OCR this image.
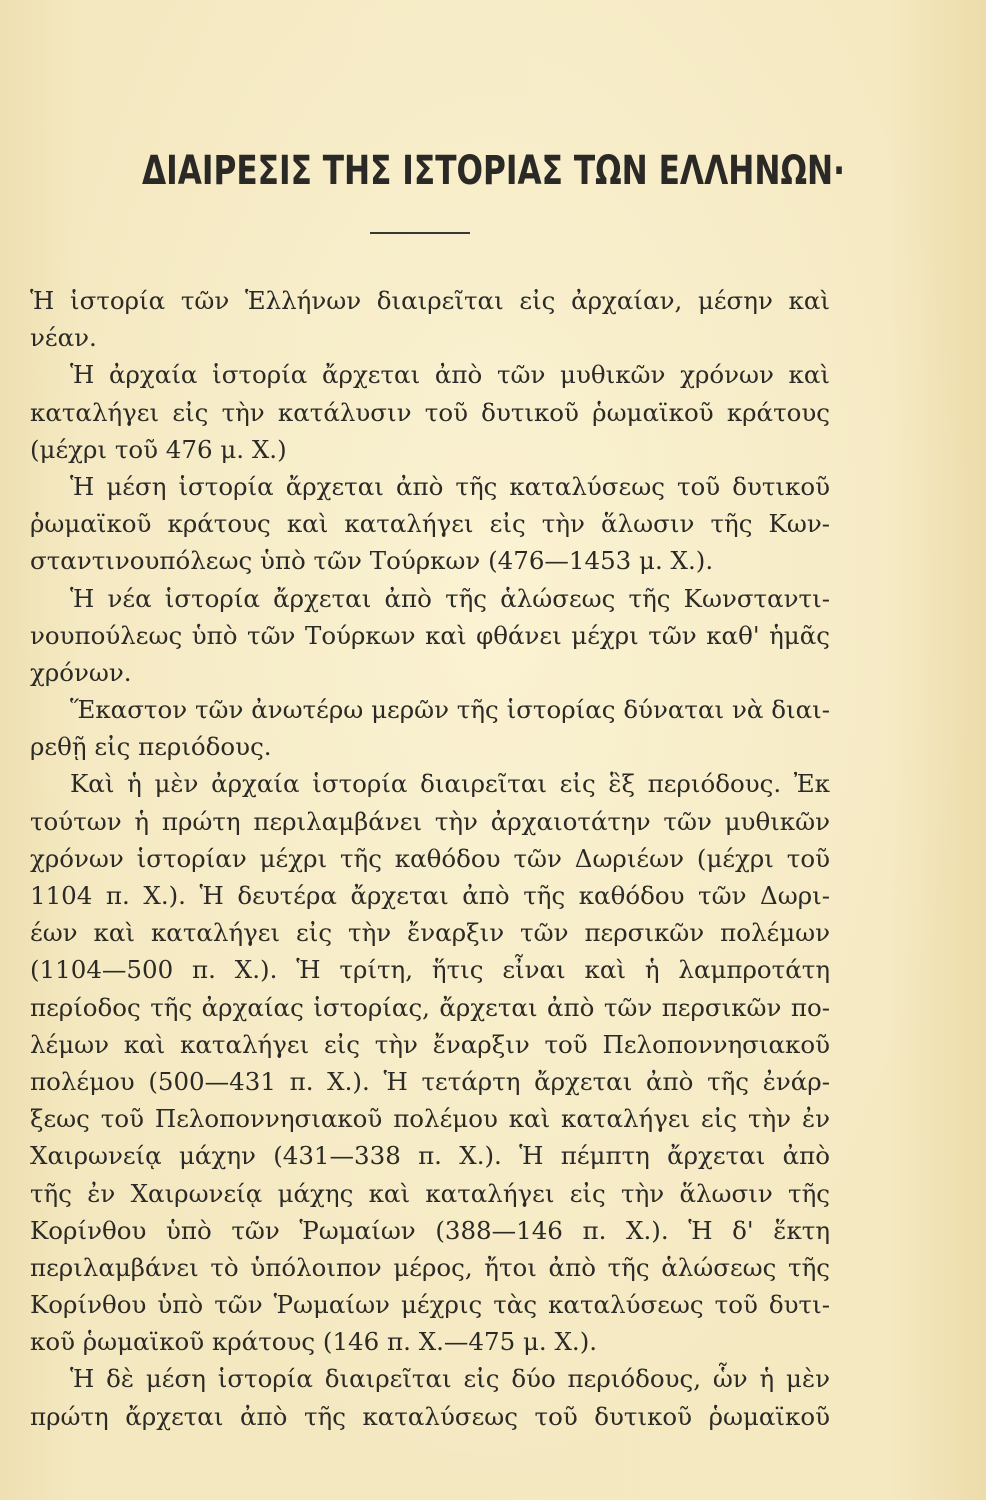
ΔΙΑΙΡΕΣΙΣ ΤΗΣ ΙΣΤΟΡΙΑΣ ΤΩΝ ΕΛΛΗΝΩΝ·
Ἡ ἱστορία τῶν Ἑλλήνων διαιρεῖται εἰς ἀρχαίαν, μέσην καὶ
νέαν.
Ἡ ἀρχαία ἱστορία ἄρχεται ἀπὸ τῶν μυθικῶν χρόνων καὶ
καταλήγει εἰς τὴν κατάλυσιν τοῦ δυτικοῦ ῥωμαϊκοῦ κράτους
(μέχρι τοῦ 476 μ. Χ.)
Ἡ μέση ἱστορία ἄρχεται ἀπὸ τῆς καταλύσεως τοῦ δυτικοῦ
ῥωμαϊκοῦ κράτους καὶ καταλήγει εἰς τὴν ἅλωσιν τῆς Κων-
σταντινουπόλεως ὑπὸ τῶν Τούρκων (476—1453 μ. Χ.).
Ἡ νέα ἱστορία ἄρχεται ἀπὸ τῆς ἁλώσεως τῆς Κωνσταντι-
νουπούλεως ὑπὸ τῶν Τούρκων καὶ φθάνει μέχρι τῶν καθ' ἡμᾶς
χρόνων.
Ἕκαστον τῶν ἀνωτέρω μερῶν τῆς ἱστορίας δύναται νὰ διαι-
ρεθῇ εἰς περιόδους.
Καὶ ἡ μὲν ἀρχαία ἱστορία διαιρεῖται εἰς ἓξ περιόδους. Ἐκ
τούτων ἡ πρώτη περιλαμβάνει τὴν ἀρχαιοτάτην τῶν μυθικῶν
χρόνων ἱστορίαν μέχρι τῆς καθόδου τῶν Δωριέων (μέχρι τοῦ
1104 π. Χ.). Ἡ δευτέρα ἄρχεται ἀπὸ τῆς καθόδου τῶν Δωρι-
έων καὶ καταλήγει εἰς τὴν ἔναρξιν τῶν περσικῶν πολέμων
(1104—500 π. Χ.). Ἡ τρίτη, ἥτις εἶναι καὶ ἡ λαμπροτάτη
περίοδος τῆς ἀρχαίας ἱστορίας, ἄρχεται ἀπὸ τῶν περσικῶν πο-
λέμων καὶ καταλήγει εἰς τὴν ἔναρξιν τοῦ Πελοποννησιακοῦ
πολέμου (500—431 π. Χ.). Ἡ τετάρτη ἄρχεται ἀπὸ τῆς ἐνάρ-
ξεως τοῦ Πελοποννησιακοῦ πολέμου καὶ καταλήγει εἰς τὴν ἐν
Χαιρωνείᾳ μάχην (431—338 π. Χ.). Ἡ πέμπτη ἄρχεται ἀπὸ
τῆς ἐν Χαιρωνείᾳ μάχης καὶ καταλήγει εἰς τὴν ἅλωσιν τῆς
Κορίνθου ὑπὸ τῶν Ῥωμαίων (388—146 π. Χ.). Ἡ δ' ἕκτη
περιλαμβάνει τὸ ὑπόλοιπον μέρος, ἤτοι ἀπὸ τῆς ἁλώσεως τῆς
Κορίνθου ὑπὸ τῶν Ῥωμαίων μέχρις τὰς καταλύσεως τοῦ δυτι-
κοῦ ῥωμαϊκοῦ κράτους (146 π. Χ.—475 μ. Χ.).
Ἡ δὲ μέση ἱστορία διαιρεῖται εἰς δύο περιόδους, ὧν ἡ μὲν
πρώτη ἄρχεται ἀπὸ τῆς καταλύσεως τοῦ δυτικοῦ ῥωμαϊκοῦ
